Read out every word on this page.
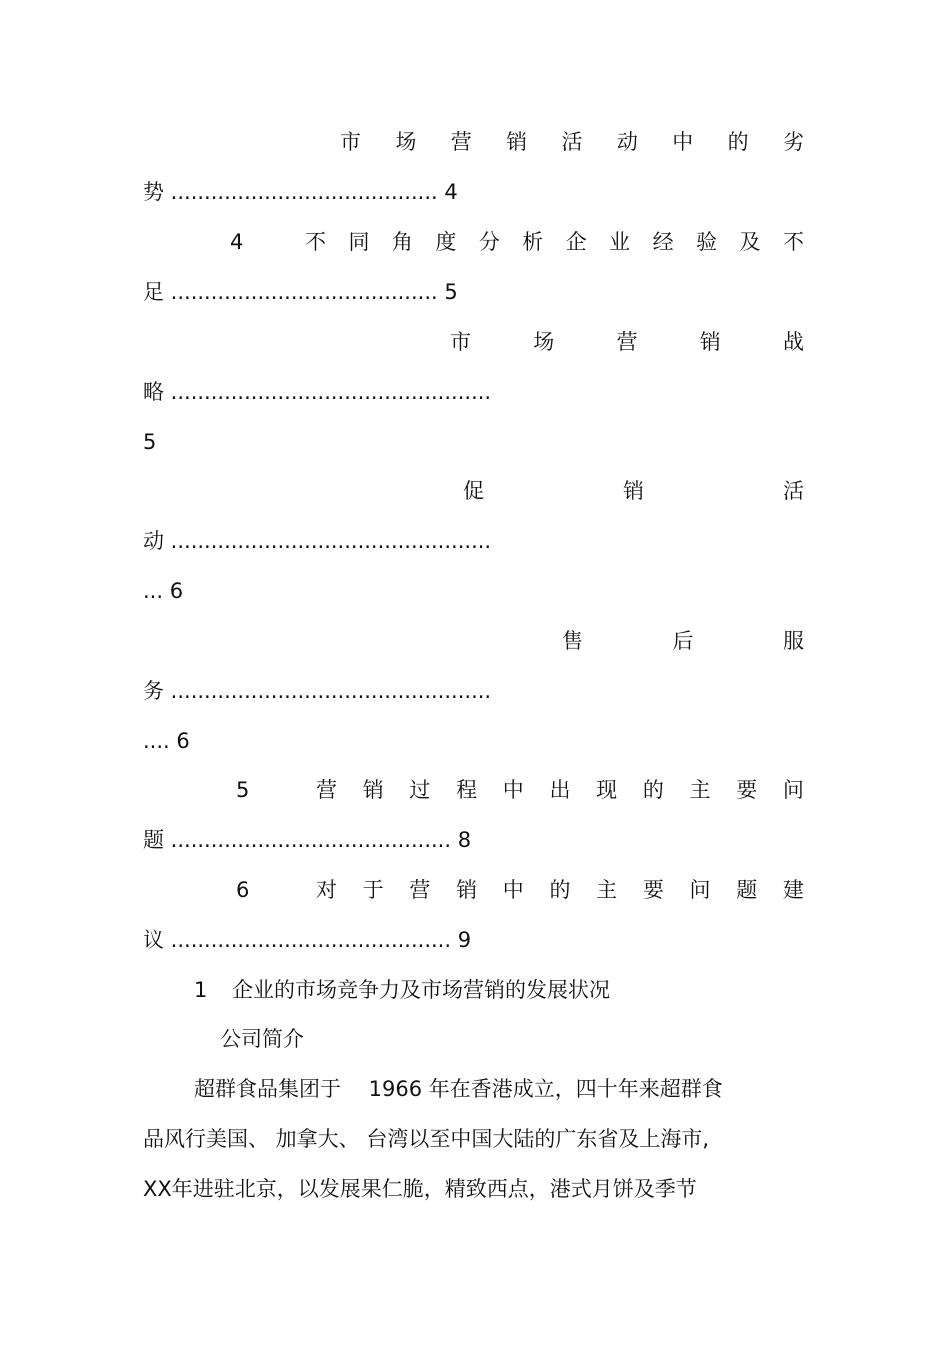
市 场 营 销 活 动 中 的 劣
势 ........................................ 4
4	不 同 角 度 分 析 企 业 经 验 及 不
足 ........................................ 5
市	场	营	销	战
略 ................................................
5
促	销	活
动 ................................................
... 6
售	后	服
务 ................................................
.... 6
5	营 销 过 程 中 出 现 的 主 要 问
题 .......................................... 8
6	对 于 营 销 中 的 主 要 问 题 建
议 .......................................... 9
1 企业的市场竞争力及市场营销的发展状况
公司简介
超群食品集团于　 1966 年在香港成立，四十年来超群食
品风行美国、 加拿大、 台湾以至中国大陆的广东省及上海市,
XX年进驻北京，以发展果仁脆，精致西点，港式月饼及季节
